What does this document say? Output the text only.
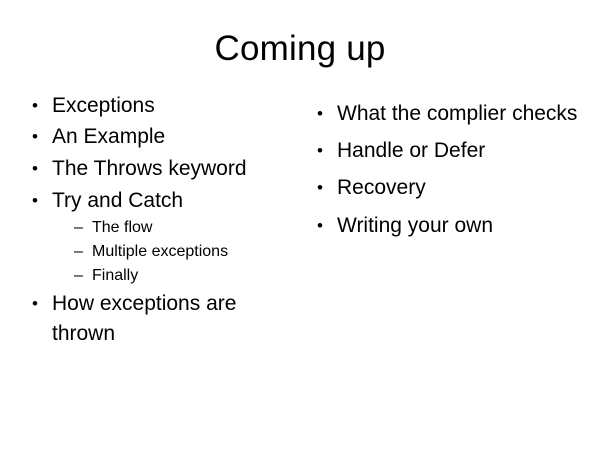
Coming up
• Exceptions
• An Example
• The Throws keyword
• Try and Catch
– The flow
– Multiple exceptions
– Finally
• How exceptions are thrown
• What the complier checks
• Handle or Defer
• Recovery
• Writing your own
